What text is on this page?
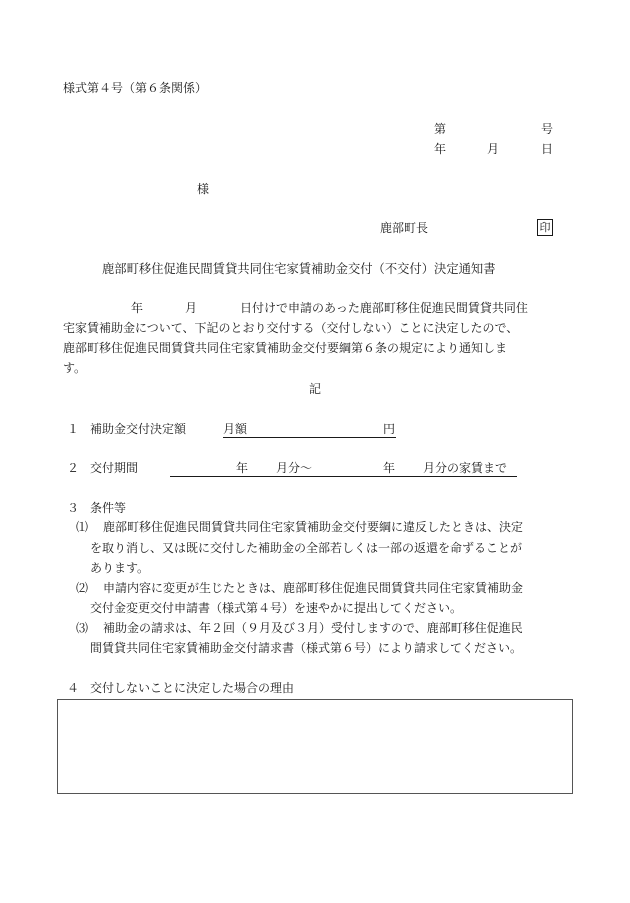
様式第４号（第６条関係）
第	号
年	月	日
様
鹿部町長	印
鹿部町移住促進民間賃貸共同住宅家賃補助金交付（不交付）決定通知書
年	月	日付けで申請のあった鹿部町移住促進民間賃貸共同住
宅家賃補助金について、下記のとおり交付する（交付しない）ことに決定したので、
鹿部町移住促進民間賃貸共同住宅家賃補助金交付要綱第６条の規定により通知しま
す。
記
１ 補助金交付決定額	月額	円
２ 交付期間	年 月分～	年 月分の家賃まで
３ 条件等
⑴ 鹿部町移住促進民間賃貸共同住宅家賃補助金交付要綱に違反したときは、決定
を取り消し、又は既に交付した補助金の全部若しくは一部の返還を命ずることが
あります。
⑵ 申請内容に変更が生じたときは、鹿部町移住促進民間賃貸共同住宅家賃補助金
交付金変更交付申請書（様式第４号）を速やかに提出してください。
⑶ 補助金の請求は、年２回（９月及び３月）受付しますので、鹿部町移住促進民
間賃貸共同住宅家賃補助金交付請求書（様式第６号）により請求してください。
４ 交付しないことに決定した場合の理由
